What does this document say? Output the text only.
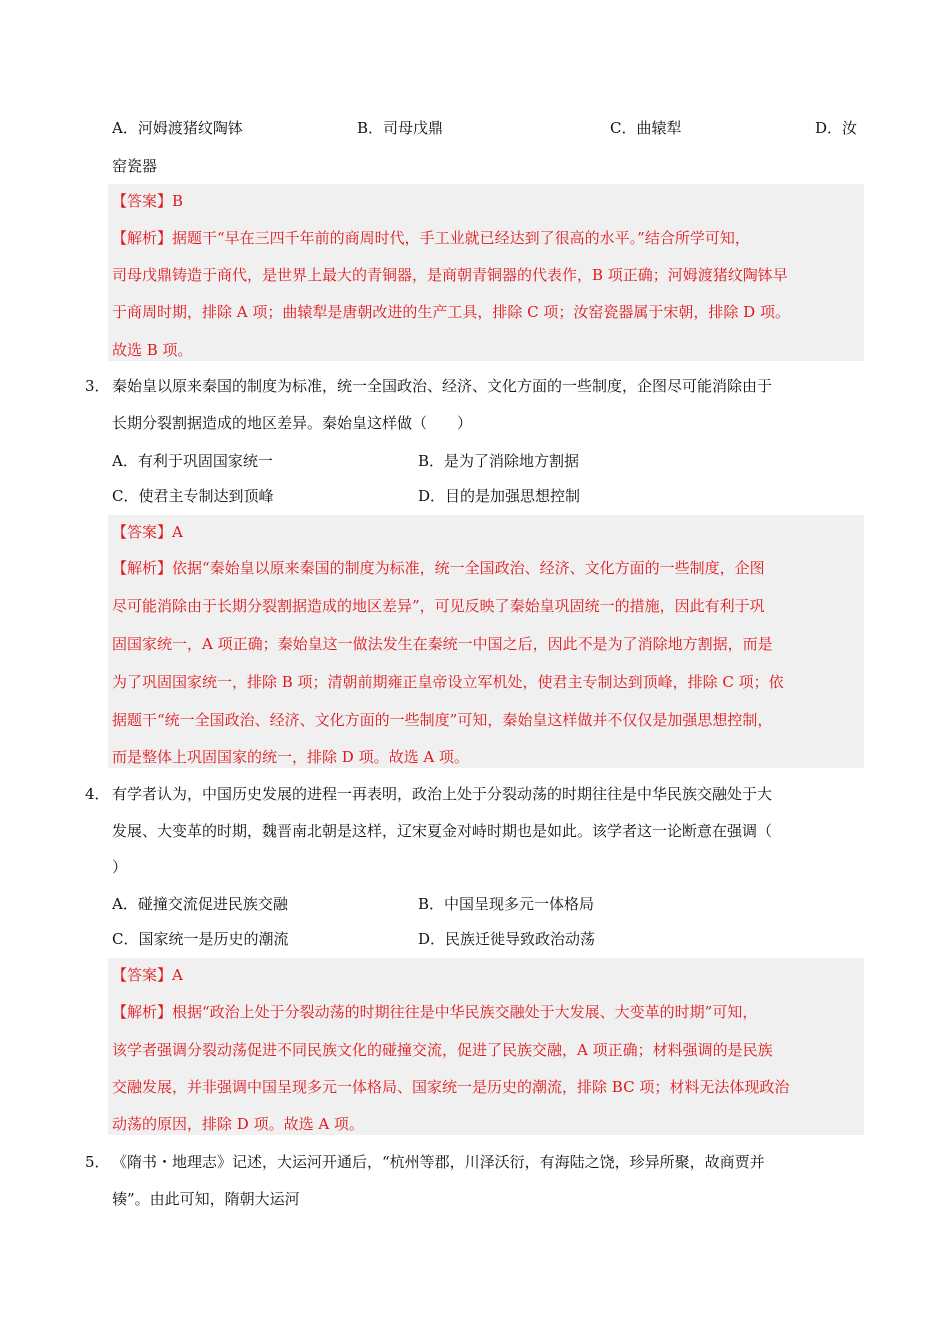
A．河姆渡猪纹陶钵	B．司母戊鼎	C．曲辕犁	D．汝
窑瓷器
【答案】B
【解析】据题干“早在三四千年前的商周时代，手工业就已经达到了很高的水平。”结合所学可知，
司母戊鼎铸造于商代，是世界上最大的青铜器，是商朝青铜器的代表作，B 项正确；河姆渡猪纹陶钵早
于商周时期，排除 A 项；曲辕犁是唐朝改进的生产工具，排除 C 项；汝窑瓷器属于宋朝，排除 D 项。
故选 B 项。
3． 秦始皇以原来秦国的制度为标准，统一全国政治、经济、文化方面的一些制度，企图尽可能消除由于
长期分裂割据造成的地区差异。秦始皇这样做（　　）
A．有利于巩固国家统一	B．是为了消除地方割据
C．使君主专制达到顶峰	D．目的是加强思想控制
【答案】A
【解析】依据“秦始皇以原来秦国的制度为标准，统一全国政治、经济、文化方面的一些制度，企图
尽可能消除由于长期分裂割据造成的地区差异”，可见反映了秦始皇巩固统一的措施，因此有利于巩
固国家统一，A 项正确；秦始皇这一做法发生在秦统一中国之后，因此不是为了消除地方割据，而是
为了巩固国家统一，排除 B 项；清朝前期雍正皇帝设立军机处，使君主专制达到顶峰，排除 C 项；依
据题干“统一全国政治、经济、文化方面的一些制度”可知，秦始皇这样做并不仅仅是加强思想控制，
而是整体上巩固国家的统一，排除 D 项。故选 A 项。
4． 有学者认为，中国历史发展的进程一再表明，政治上处于分裂动荡的时期往往是中华民族交融处于大
发展、大变革的时期，魏晋南北朝是这样，辽宋夏金对峙时期也是如此。该学者这一论断意在强调（
）
A．碰撞交流促进民族交融	B．中国呈现多元一体格局
C．国家统一是历史的潮流	D．民族迁徙导致政治动荡
【答案】A
【解析】根据“政治上处于分裂动荡的时期往往是中华民族交融处于大发展、大变革的时期”可知，
该学者强调分裂动荡促进不同民族文化的碰撞交流，促进了民族交融，A 项正确；材料强调的是民族
交融发展，并非强调中国呈现多元一体格局、国家统一是历史的潮流，排除 BC 项；材料无法体现政治
动荡的原因，排除 D 项。故选 A 项。
5． 《隋书・地理志》记述，大运河开通后，“杭州等郡，川泽沃衍，有海陆之饶，珍异所聚，故商贾并
辏”。由此可知，隋朝大运河
